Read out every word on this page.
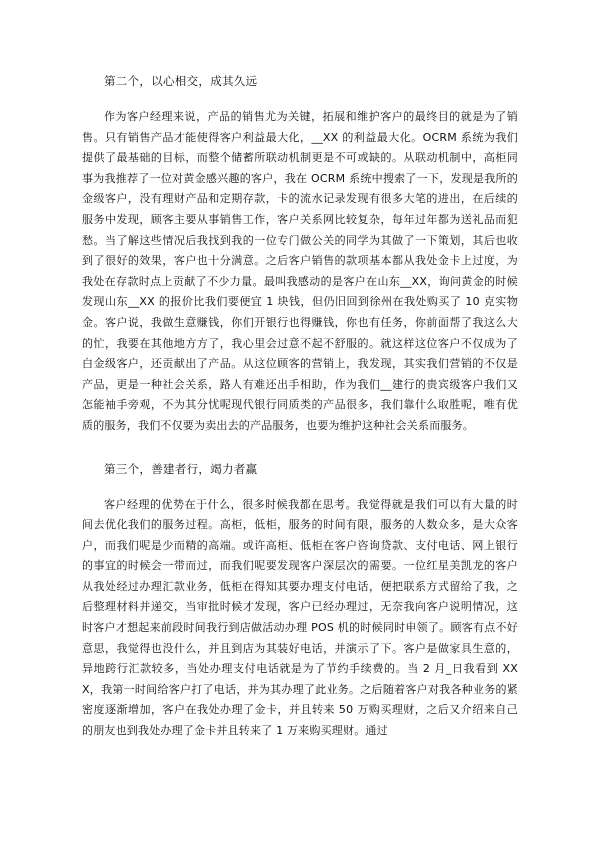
第二个，以心相交，成其久远

作为客户经理来说，产品的销售尤为关键，拓展和维护客户的最终目的就是为了销售。只有销售产品才能使得客户利益最大化，__XX 的利益最大化。OCRM 系统为我们提供了最基础的目标，而整个储蓄所联动机制更是不可或缺的。从联动机制中，高柜同事为我推荐了一位对黄金感兴趣的客户，我在 OCRM 系统中搜索了一下，发现是我所的金级客户，没有理财产品和定期存款，卡的流水记录发现有很多大笔的进出，在后续的服务中发现，顾客主要从事销售工作，客户关系网比较复杂，每年过年都为送礼品而犯愁。当了解这些情况后我找到我的一位专门做公关的同学为其做了一下策划，其后也收到了很好的效果，客户也十分满意。之后客户销售的款项基本都从我处金卡上过度，为我处在存款时点上贡献了不少力量。最叫我感动的是客户在山东__XX，询问黄金的时候发现山东__XX 的报价比我们要便宜 1 块钱，但仍旧回到徐州在我处购买了 10 克实物金。客户说，我做生意赚钱，你们开银行也得赚钱，你也有任务，你前面帮了我这么大的忙，我要在其他地方方了，我心里会过意不起不舒服的。就这样这位客户不仅成为了白金级客户，还贡献出了产品。从这位顾客的营销上，我发现，其实我们营销的不仅是产品，更是一种社会关系，路人有难还出手相助，作为我们__建行的贵宾级客户我们又怎能袖手旁观，不为其分忧呢现代银行同质类的产品很多，我们靠什么取胜呢，唯有优质的服务，我们不仅要为卖出去的产品服务，也要为维护这种社会关系而服务。

第三个，善建者行，竭力者赢

客户经理的优势在于什么，很多时候我都在思考。我觉得就是我们可以有大量的时间去优化我们的服务过程。高柜，低柜，服务的时间有限，服务的人数众多，是大众客户，而我们呢是少而精的高端。或许高柜、低柜在客户咨询贷款、支付电话、网上银行的事宜的时候会一带而过，而我们呢要发现客户深层次的需要。一位红星美凯龙的客户从我处经过办理汇款业务，低柜在得知其要办理支付电话，便把联系方式留给了我，之后整理材料并递交，当审批时候才发现，客户已经办理过，无奈我向客户说明情况，这时客户才想起来前段时间我行到店做活动办理 POS 机的时候同时申领了。顾客有点不好意思，我觉得也没什么，并且到店为其装好电话，并演示了下。客户是做家具生意的，异地跨行汇款较多，当处办理支付电话就是为了节约手续费的。当 2 月_日我看到 XXX，我第一时间给客户打了电话，并为其办理了此业务。之后随着客户对我各种业务的紧密度逐渐增加，客户在我处办理了金卡，并且转来 50 万购买理财，之后又介绍来自己的朋友也到我处办理了金卡并且转来了 1 万来购买理财。通过
